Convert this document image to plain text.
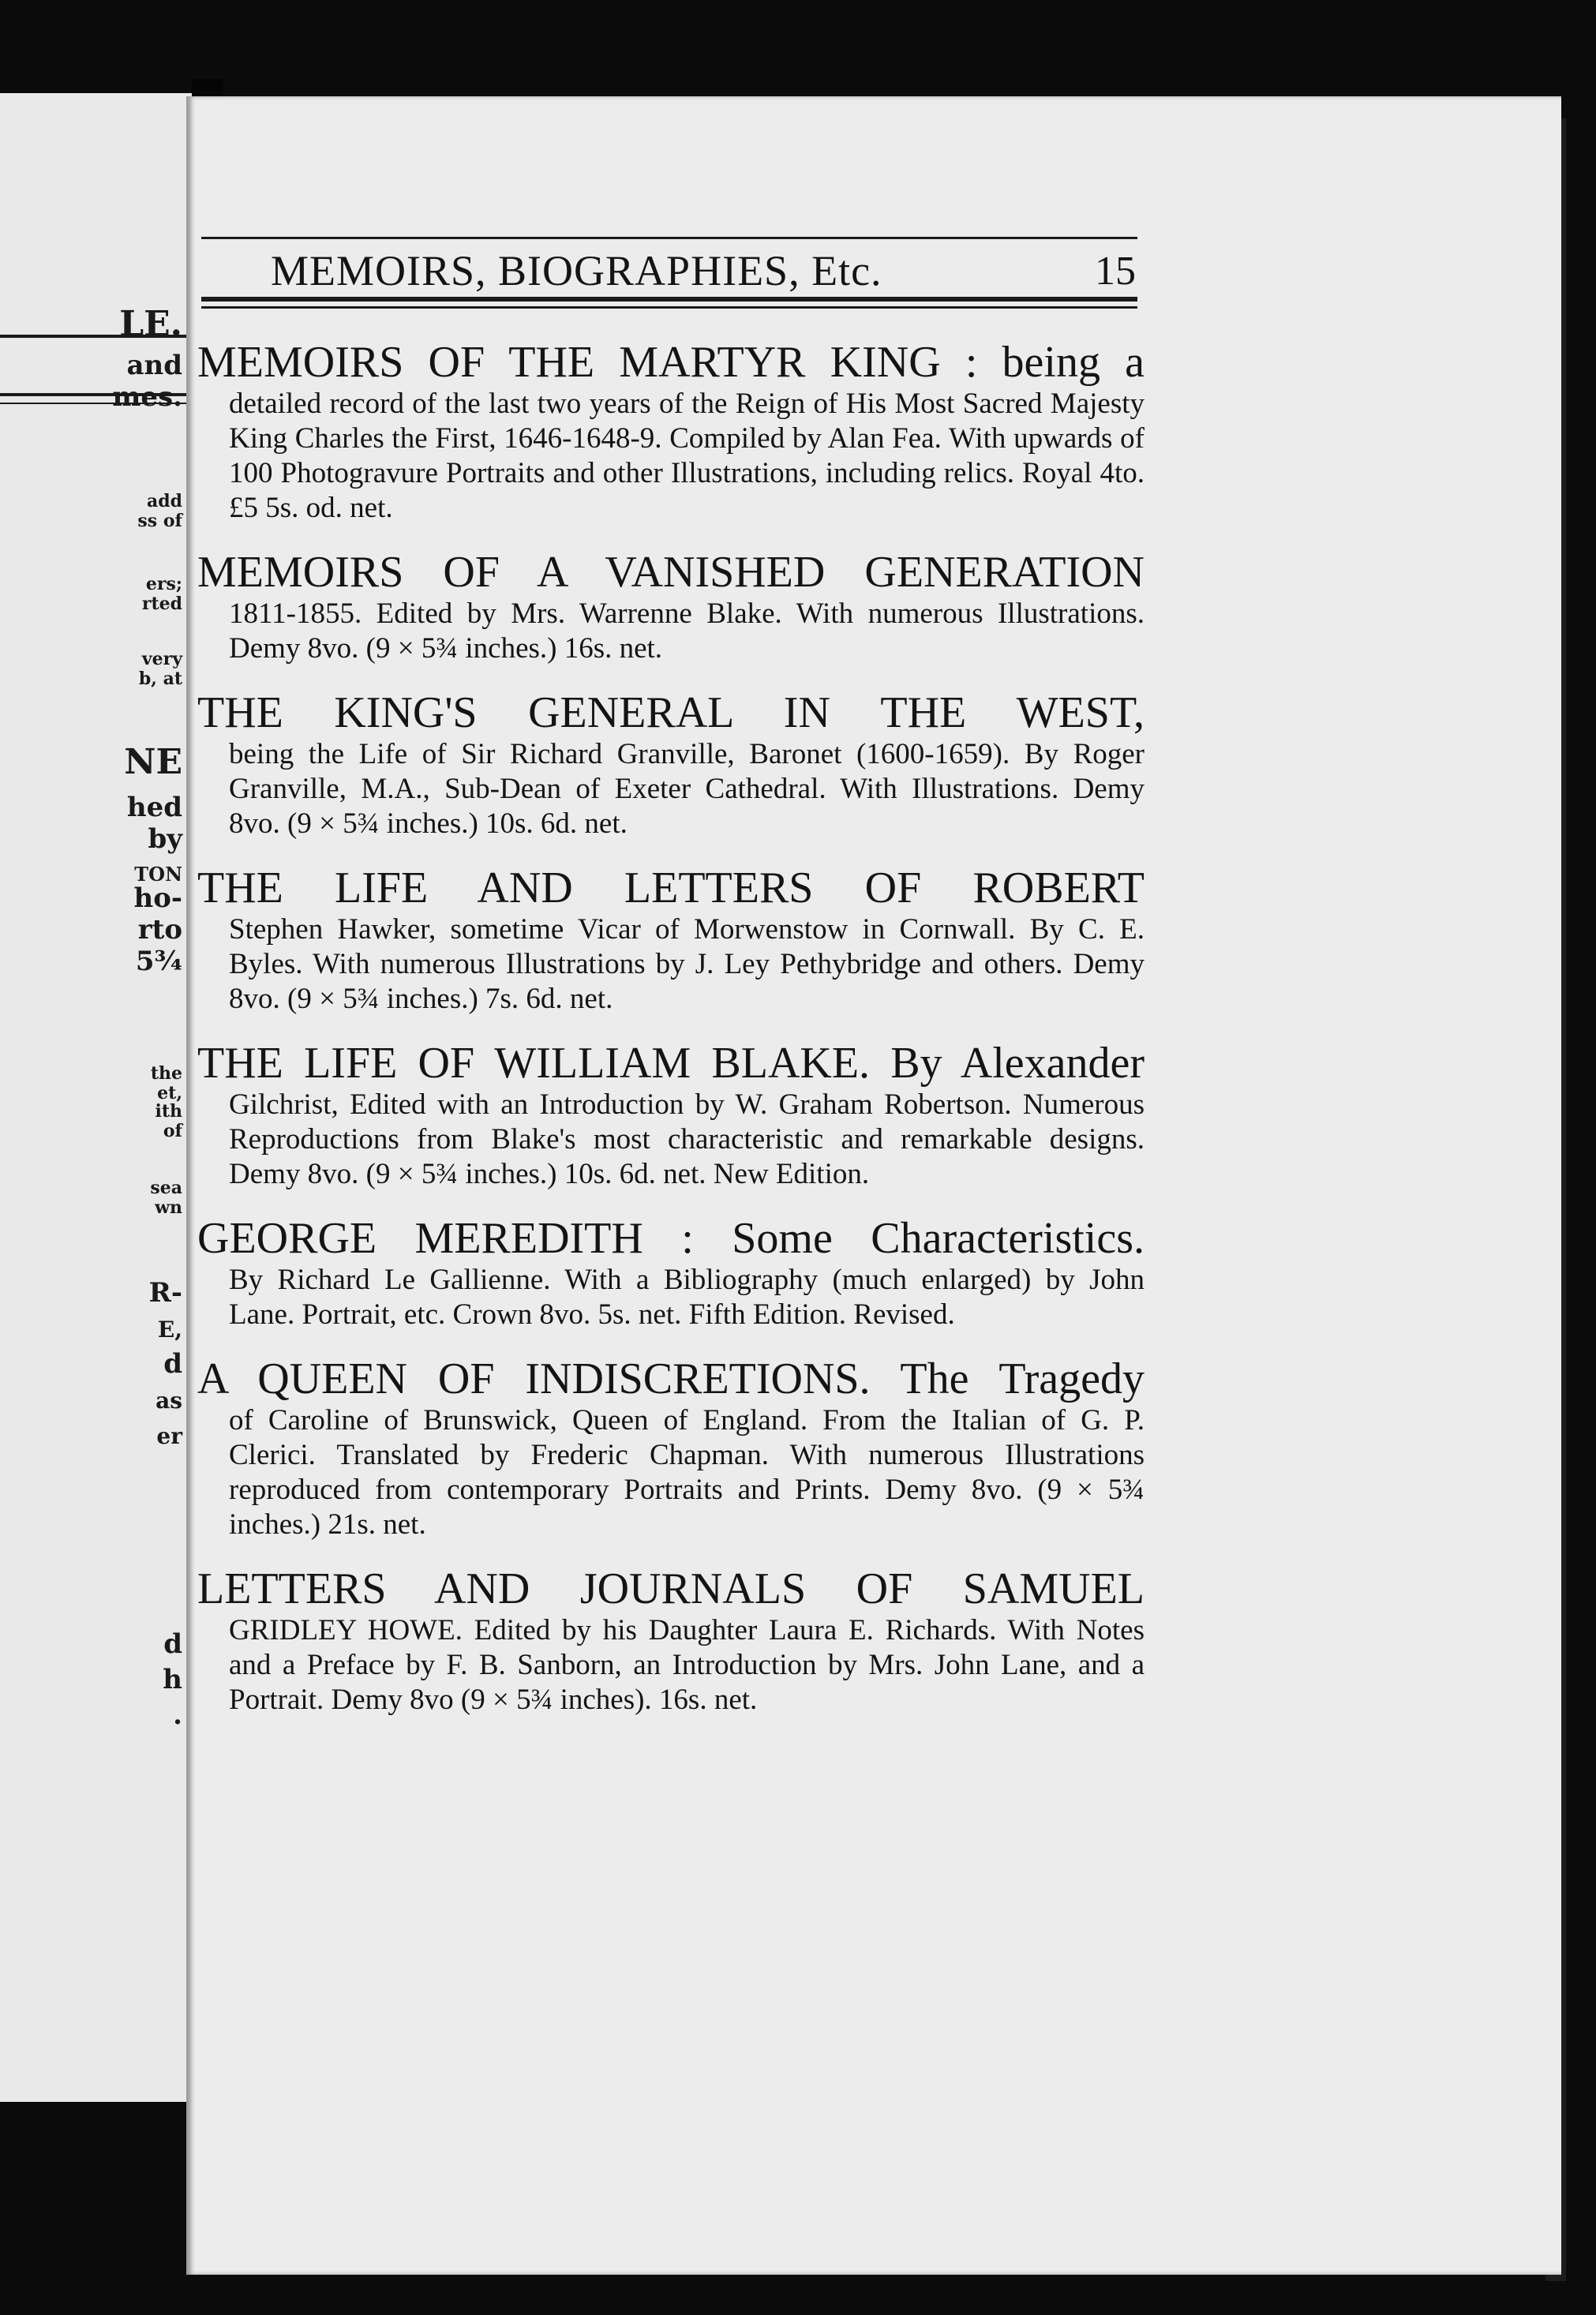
LE.
and
mes.
add
ss of
ers;
rted
very
b, at
NE
hed
by
TON
ho-
rto
5¾
the
et,
ith
of
sea
wn
R-
E,
d
as
er
d
h
.
MEMOIRS, BIOGRAPHIES, Etc.	15

MEMOIRS OF THE MARTYR KING : being a

detailed record of the last two years of the Reign of His Most Sacred Majesty King Charles the First, 1646-1648-9. Compiled by Alan Fea. With upwards of 100 Photogravure Portraits and other Illustrations, including relics. Royal 4to. £5 5s. od. net.

MEMOIRS OF A VANISHED GENERATION

1811-1855. Edited by Mrs. Warrenne Blake. With numerous Illustrations. Demy 8vo. (9 × 5¾ inches.) 16s. net.

THE KING'S GENERAL IN THE WEST,

being the Life of Sir Richard Granville, Baronet (1600-1659). By Roger Granville, M.A., Sub-Dean of Exeter Cathedral. With Illustrations. Demy 8vo. (9 × 5¾ inches.) 10s. 6d. net.

THE LIFE AND LETTERS OF ROBERT

Stephen Hawker, sometime Vicar of Morwenstow in Cornwall. By C. E. Byles. With numerous Illustrations by J. Ley Pethybridge and others. Demy 8vo. (9 × 5¾ inches.) 7s. 6d. net.

THE LIFE OF WILLIAM BLAKE. By Alexander

Gilchrist, Edited with an Introduction by W. Graham Robertson. Numerous Reproductions from Blake's most characteristic and remarkable designs. Demy 8vo. (9 × 5¾ inches.) 10s. 6d. net. New Edition.

GEORGE MEREDITH : Some Characteristics.

By Richard Le Gallienne. With a Bibliography (much enlarged) by John Lane. Portrait, etc. Crown 8vo. 5s. net. Fifth Edition. Revised.

A QUEEN OF INDISCRETIONS. The Tragedy

of Caroline of Brunswick, Queen of England. From the Italian of G. P. Clerici. Translated by Frederic Chapman. With numerous Illustrations reproduced from contemporary Portraits and Prints. Demy 8vo. (9 × 5¾ inches.) 21s. net.

LETTERS AND JOURNALS OF SAMUEL

GRIDLEY HOWE. Edited by his Daughter Laura E. Richards. With Notes and a Preface by F. B. Sanborn, an Introduction by Mrs. John Lane, and a Portrait. Demy 8vo (9 × 5¾ inches). 16s. net.
